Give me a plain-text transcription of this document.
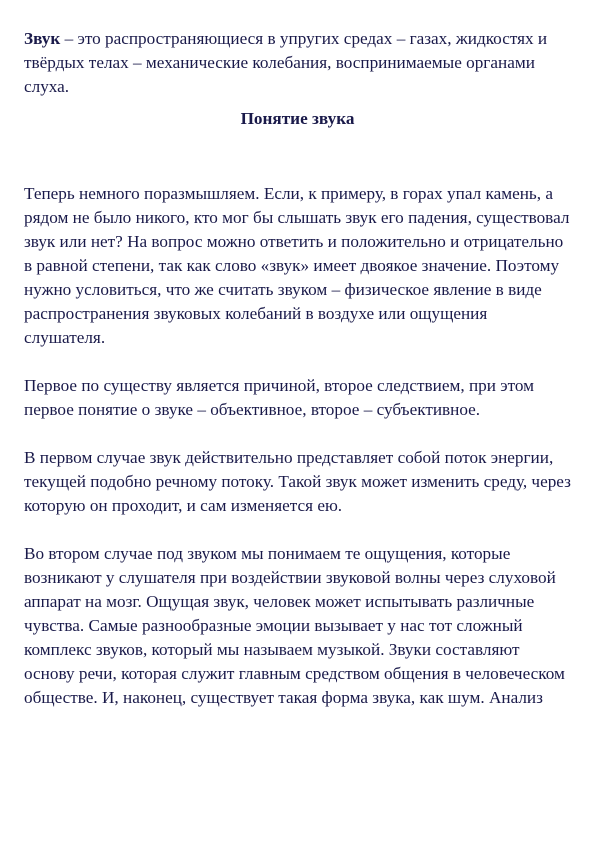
Звук – это распространяющиеся в упругих средах – газах, жидкостях и твёрдых телах – механические колебания, воспринимаемые органами слуха.

Понятие звука

Теперь немного поразмышляем. Если, к примеру, в горах упал камень, а рядом не было никого, кто мог бы слышать звук его падения, существовал звук или нет? На вопрос можно ответить и положительно и отрицательно в равной степени, так как слово «звук» имеет двоякое значение. Поэтому нужно условиться, что же считать звуком – физическое явление в виде распространения звуковых колебаний в воздухе или ощущения слушателя.

Первое по существу является причиной, второе следствием, при этом первое понятие о звуке – объективное, второе – субъективное.

В первом случае звук действительно представляет собой поток энергии, текущей подобно речному потоку. Такой звук может изменить среду, через которую он проходит, и сам изменяется ею.

Во втором случае под звуком мы понимаем те ощущения, которые возникают у слушателя при воздействии звуковой волны через слуховой аппарат на мозг. Ощущая звук, человек может испытывать различные чувства. Самые разнообразные эмоции вызывает у нас тот сложный комплекс звуков, который мы называем музыкой. Звуки составляют основу речи, которая служит главным средством общения в человеческом обществе. И, наконец, существует такая форма звука, как шум. Анализ
